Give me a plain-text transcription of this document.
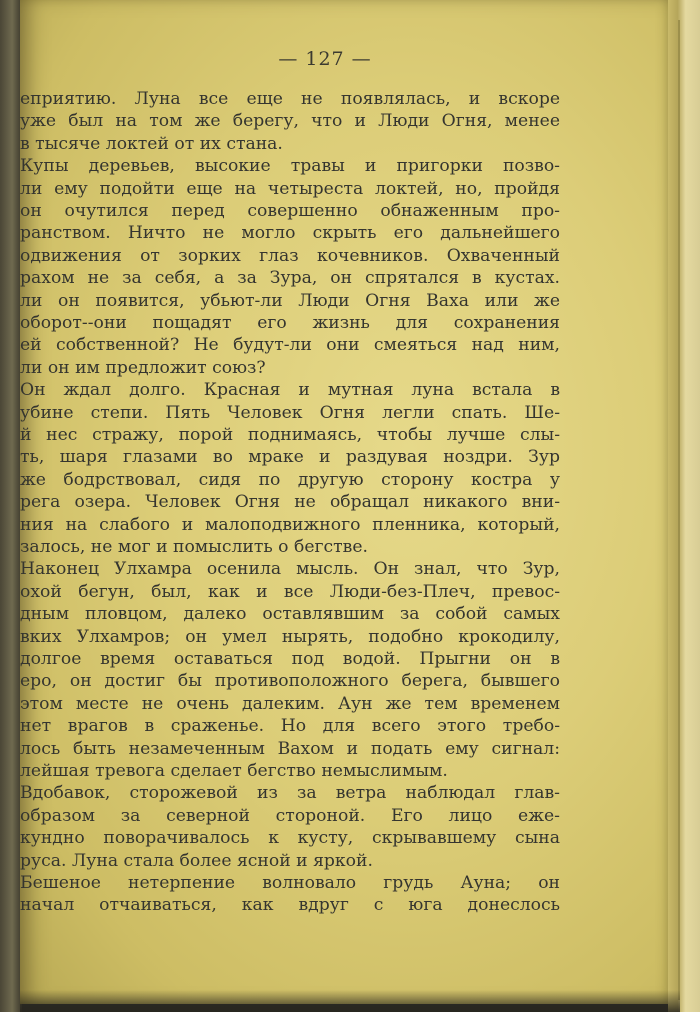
— 127 —
еприятию. Луна все еще не появлялась, и вскоре
уже был на том же берегу, что и Люди Огня, менее
в тысяче локтей от их стана.
Купы деревьев, высокие травы и пригорки позво-
ли ему подойти еще на четыреста локтей, но, пройдя
он очутился перед совершенно обнаженным про-
ранством. Ничто не могло скрыть его дальнейшего
одвижения от зорких глаз кочевников. Охваченный
рахом не за себя, а за Зура, он спрятался в кустах.
ли он появится, убьют-ли Люди Огня Ваха или же
оборот--они пощадят его жизнь для сохранения
ей собственной? Не будут-ли они смеяться над ним,
ли он им предложит союз?
Он ждал долго. Красная и мутная луна встала в
убине степи. Пять Человек Огня легли спать. Ше-
й нес стражу, порой поднимаясь, чтобы лучше слы-
ть, шаря глазами во мраке и раздувая ноздри. Зур
же бодрствовал, сидя по другую сторону костра у
рега озера. Человек Огня не обращал никакого вни-
ния на слабого и малоподвижного пленника, который,
залось, не мог и помыслить о бегстве.
Наконец Улхамра осенила мысль. Он знал, что Зур,
охой бегун, был, как и все Люди-без-Плеч, превос-
дным пловцом, далеко оставлявшим за собой самых
вких Улхамров; он умел нырять, подобно крокодилу,
долгое время оставаться под водой. Прыгни он в
еро, он достиг бы противоположного берега, бывшего
этом месте не очень далеким. Аун же тем временем
нет врагов в сраженье. Но для всего этого требо-
лось быть незамеченным Вахом и подать ему сигнал:
лейшая тревога сделает бегство немыслимым.
Вдобавок, сторожевой из за ветра наблюдал глав-
образом за северной стороной. Его лицо еже-
кундно поворачивалось к кусту, скрывавшему сына
руса. Луна стала более ясной и яркой.
Бешеное нетерпение волновало грудь Ауна; он
начал отчаиваться, как вдруг с юга донеслось
